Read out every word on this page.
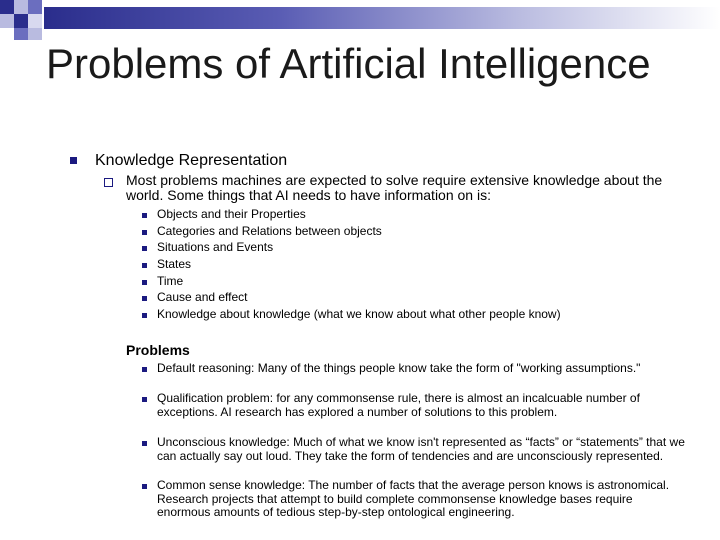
Problems of Artificial Intelligence
Knowledge Representation
Most problems machines are expected to solve require extensive knowledge about the world. Some things that AI needs to have information on is:
Objects and their Properties
Categories and Relations between objects
Situations and Events
States
Time
Cause and effect
Knowledge about knowledge (what we know about what other people know)
Problems
Default reasoning: Many of the things people know take the form of "working assumptions."
Qualification problem: for any commonsense rule, there is almost an incalcuable number of exceptions. AI research has explored a number of solutions to this problem.
Unconscious knowledge: Much of what we know isn't represented as “facts” or “statements” that we can actually say out loud. They take the form of tendencies and are unconsciously represented.
Common sense knowledge: The number of facts that the average person knows is astronomical. Research projects that attempt to build complete commonsense knowledge bases require enormous amounts of tedious step-by-step ontological engineering.
